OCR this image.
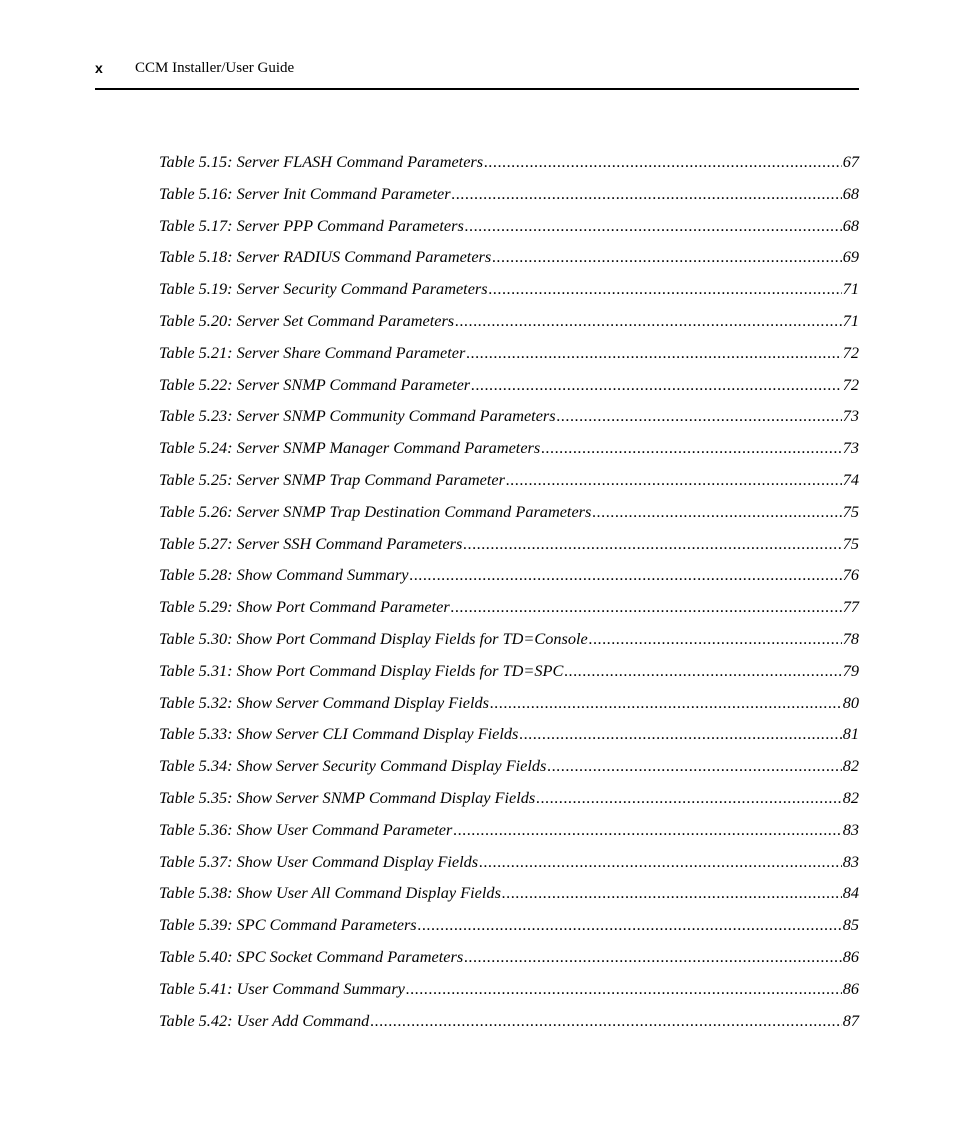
x CCM Installer/User Guide
Table 5.15: Server FLASH Command Parameters .....	67
Table 5.16: Server Init Command Parameter .....	68
Table 5.17: Server PPP Command Parameters .....	68
Table 5.18: Server RADIUS Command Parameters .....	69
Table 5.19: Server Security Command Parameters .....	71
Table 5.20: Server Set Command Parameters .....	71
Table 5.21: Server Share Command Parameter .....	72
Table 5.22: Server SNMP Command Parameter .....	72
Table 5.23: Server SNMP Community Command Parameters .....	73
Table 5.24: Server SNMP Manager Command Parameters .....	73
Table 5.25: Server SNMP Trap Command Parameter .....	74
Table 5.26: Server SNMP Trap Destination Command Parameters .....	75
Table 5.27: Server SSH Command Parameters .....	75
Table 5.28: Show Command Summary .....	76
Table 5.29: Show Port Command Parameter .....	77
Table 5.30: Show Port Command Display Fields for TD=Console .....	78
Table 5.31: Show Port Command Display Fields for TD=SPC .....	79
Table 5.32: Show Server Command Display Fields .....	80
Table 5.33: Show Server CLI Command Display Fields .....	81
Table 5.34: Show Server Security Command Display Fields .....	82
Table 5.35: Show Server SNMP Command Display Fields .....	82
Table 5.36: Show User Command Parameter .....	83
Table 5.37: Show User Command Display Fields .....	83
Table 5.38: Show User All Command Display Fields .....	84
Table 5.39: SPC Command Parameters .....	85
Table 5.40: SPC Socket Command Parameters .....	86
Table 5.41: User Command Summary .....	86
Table 5.42: User Add Command .....	87
